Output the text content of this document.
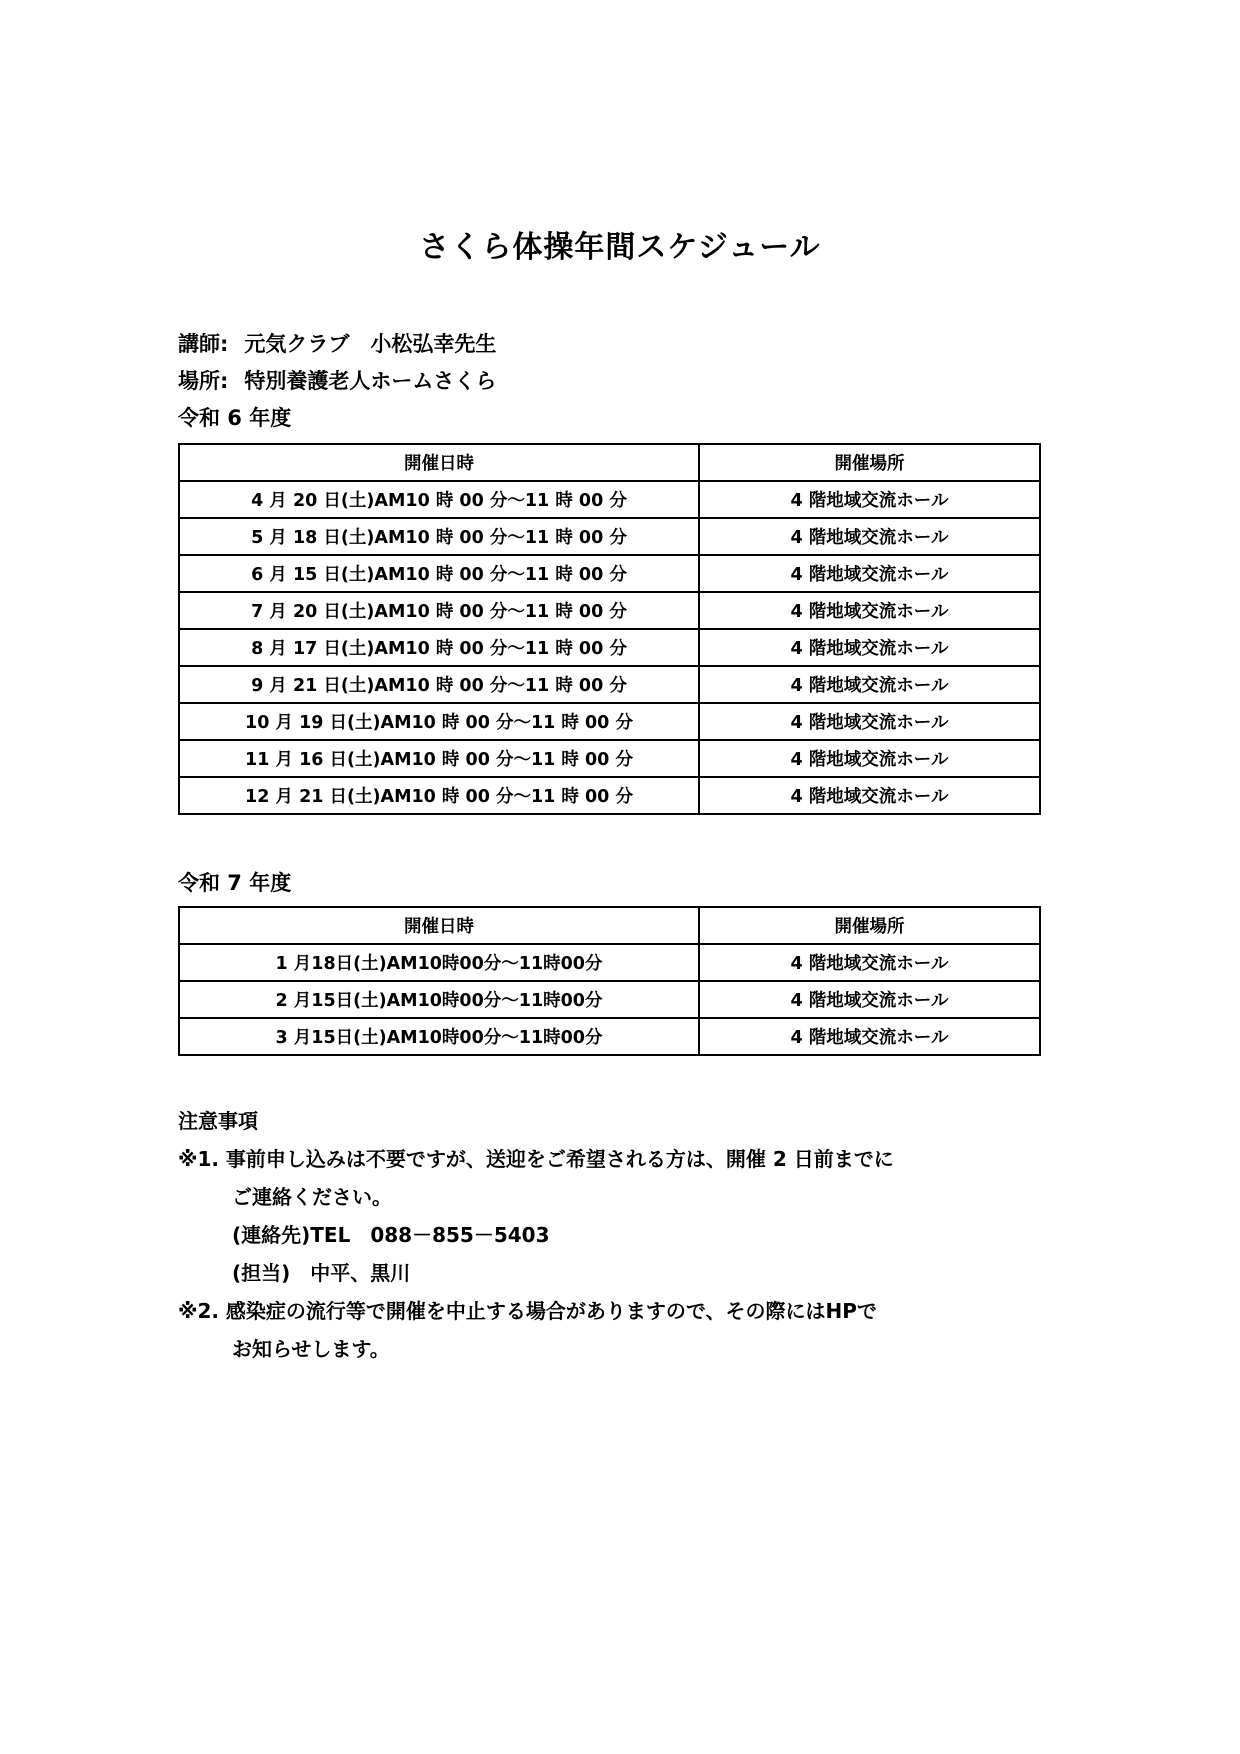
さくら体操年間スケジュール
講師: 元気クラブ　小松弘幸先生
場所: 特別養護老人ホームさくら
令和 6 年度
開催日時	開催場所
4 月 20 日(土)AM10 時 00 分～11 時 00 分	4 階地域交流ホール
5 月 18 日(土)AM10 時 00 分～11 時 00 分	4 階地域交流ホール
6 月 15 日(土)AM10 時 00 分～11 時 00 分	4 階地域交流ホール
7 月 20 日(土)AM10 時 00 分～11 時 00 分	4 階地域交流ホール
8 月 17 日(土)AM10 時 00 分～11 時 00 分	4 階地域交流ホール
9 月 21 日(土)AM10 時 00 分～11 時 00 分	4 階地域交流ホール
10 月 19 日(土)AM10 時 00 分～11 時 00 分	4 階地域交流ホール
11 月 16 日(土)AM10 時 00 分～11 時 00 分	4 階地域交流ホール
12 月 21 日(土)AM10 時 00 分～11 時 00 分	4 階地域交流ホール
令和 7 年度
開催日時	開催場所
1 月18日(土)AM10時00分～11時00分	4 階地域交流ホール
2 月15日(土)AM10時00分～11時00分	4 階地域交流ホール
3 月15日(土)AM10時00分～11時00分	4 階地域交流ホール
注意事項
※1. 事前申し込みは不要ですが、送迎をご希望される方は、開催 2 日前までに
ご連絡ください。
(連絡先)TEL　088－855－5403
(担当)　中平、黒川
※2. 感染症の流行等で開催を中止する場合がありますので、その際にはHPで
お知らせします。
